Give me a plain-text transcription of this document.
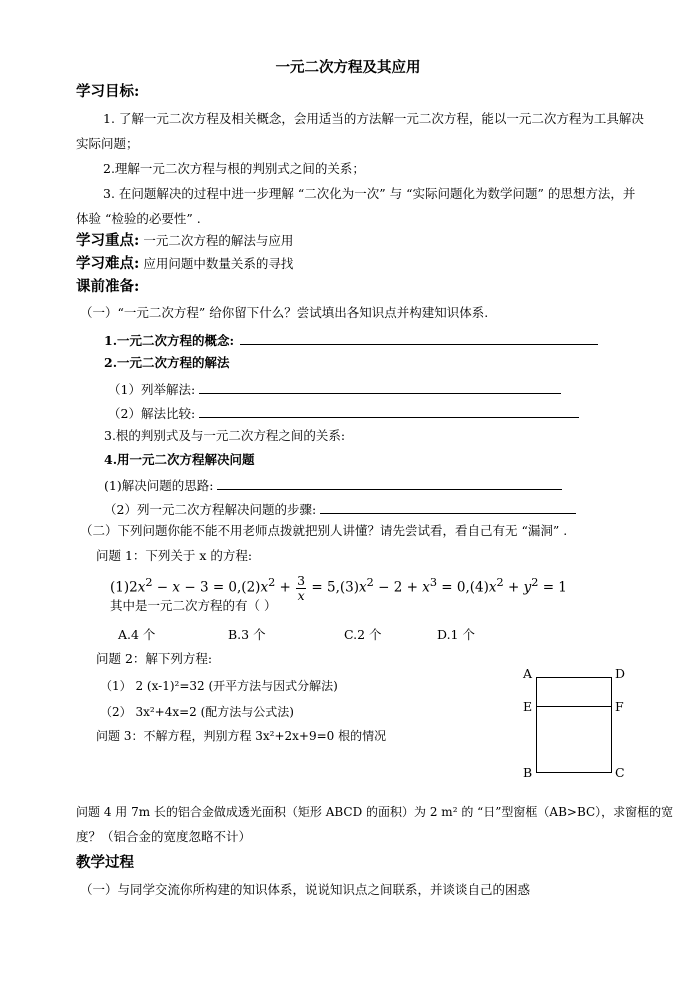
一元二次方程及其应用
学习目标:
1. 了解一元二次方程及相关概念，会用适当的方法解一元二次方程，能以一元二次方程为工具解决
实际问题；
2.理解一元二次方程与根的判别式之间的关系；
3. 在问题解决的过程中进一步理解 “二次化为一次” 与 “实际问题化为数学问题” 的思想方法，并
体验 “检验的必要性” .
学习重点: 一元二次方程的解法与应用
学习难点: 应用问题中数量关系的寻找
课前准备:
（一）“一元二次方程” 给你留下什么？尝试填出各知识点并构建知识体系.
1.一元二次方程的概念:
2.一元二次方程的解法
（1）列举解法:
（2）解法比较:
3.根的判别式及与一元二次方程之间的关系:
4.用一元二次方程解决问题
(1)解决问题的思路:
（2）列一元二次方程解决问题的步骤:
（二）下列问题你能不能不用老师点拨就把别人讲懂？请先尝试看，看自己有无 “漏洞” .
问题 1：下列关于 x 的方程:
$(1)2x^2 - x - 3 = 0,(2)x^2 + \frac{3}{x} = 5,(3)x^2 - 2 + x^3 = 0,(4)x^2 + y^2 = 1$
其中是一元二次方程的有（ ）
A.4 个	B.3 个	C.2 个	D.1 个
问题 2：解下列方程:
（1） 2 (x-1)²=32 (开平方法与因式分解法)
（2） 3x²+4x=2 (配方法与公式法)
问题 3：不解方程，判别方程 3x²+2x+9=0 根的情况
A	D
E	F
B	C
问题 4 用 7m 长的铝合金做成透光面积（矩形 ABCD 的面积）为 2 m² 的 “日”型窗框（AB>BC），求窗框的宽
度？（铝合金的宽度忽略不计）
教学过程
（一）与同学交流你所构建的知识体系，说说知识点之间联系，并谈谈自己的困惑
